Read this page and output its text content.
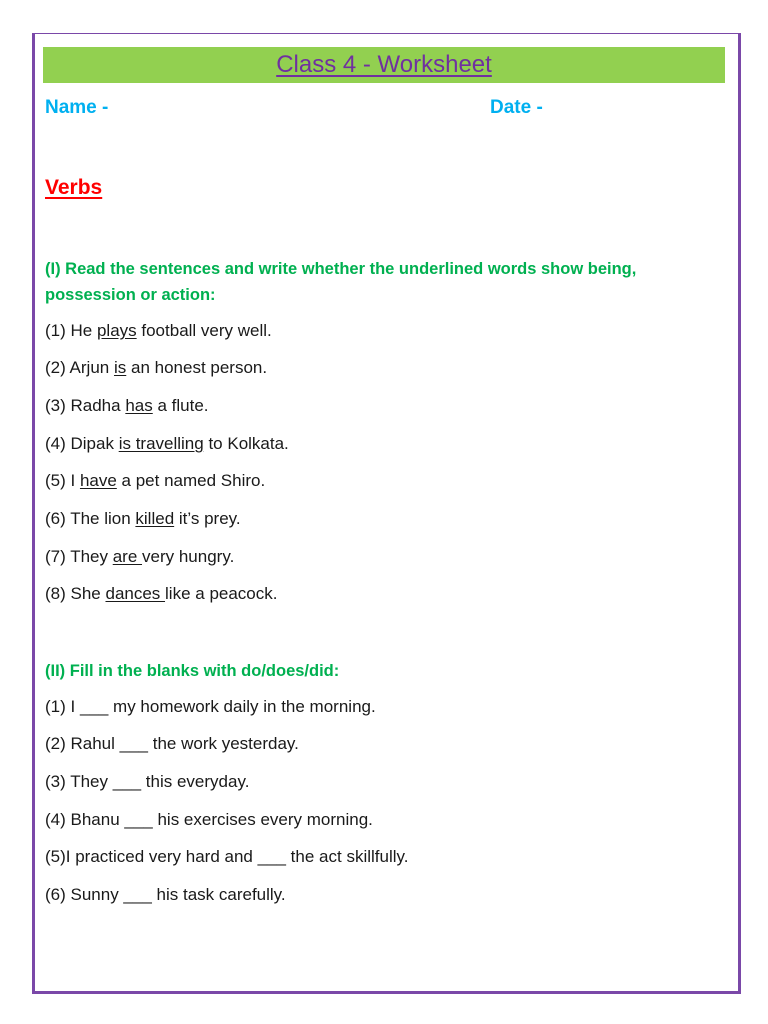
Class 4 - Worksheet
Name -	Date -
Verbs
(I) Read the sentences and write whether the underlined words show being, possession or action:
(1) He plays football very well.
(2) Arjun is an honest person.
(3) Radha has a flute.
(4) Dipak is travelling to Kolkata.
(5) I have a pet named Shiro.
(6) The lion killed it’s prey.
(7) They are very hungry.
(8) She dances like a peacock.
(II) Fill in the blanks with do/does/did:
(1) I ___ my homework daily in the morning.
(2) Rahul ___ the work yesterday.
(3) They ___ this everyday.
(4) Bhanu ___ his exercises every morning.
(5)I practiced very hard and ___ the act skillfully.
(6) Sunny ___ his task carefully.
